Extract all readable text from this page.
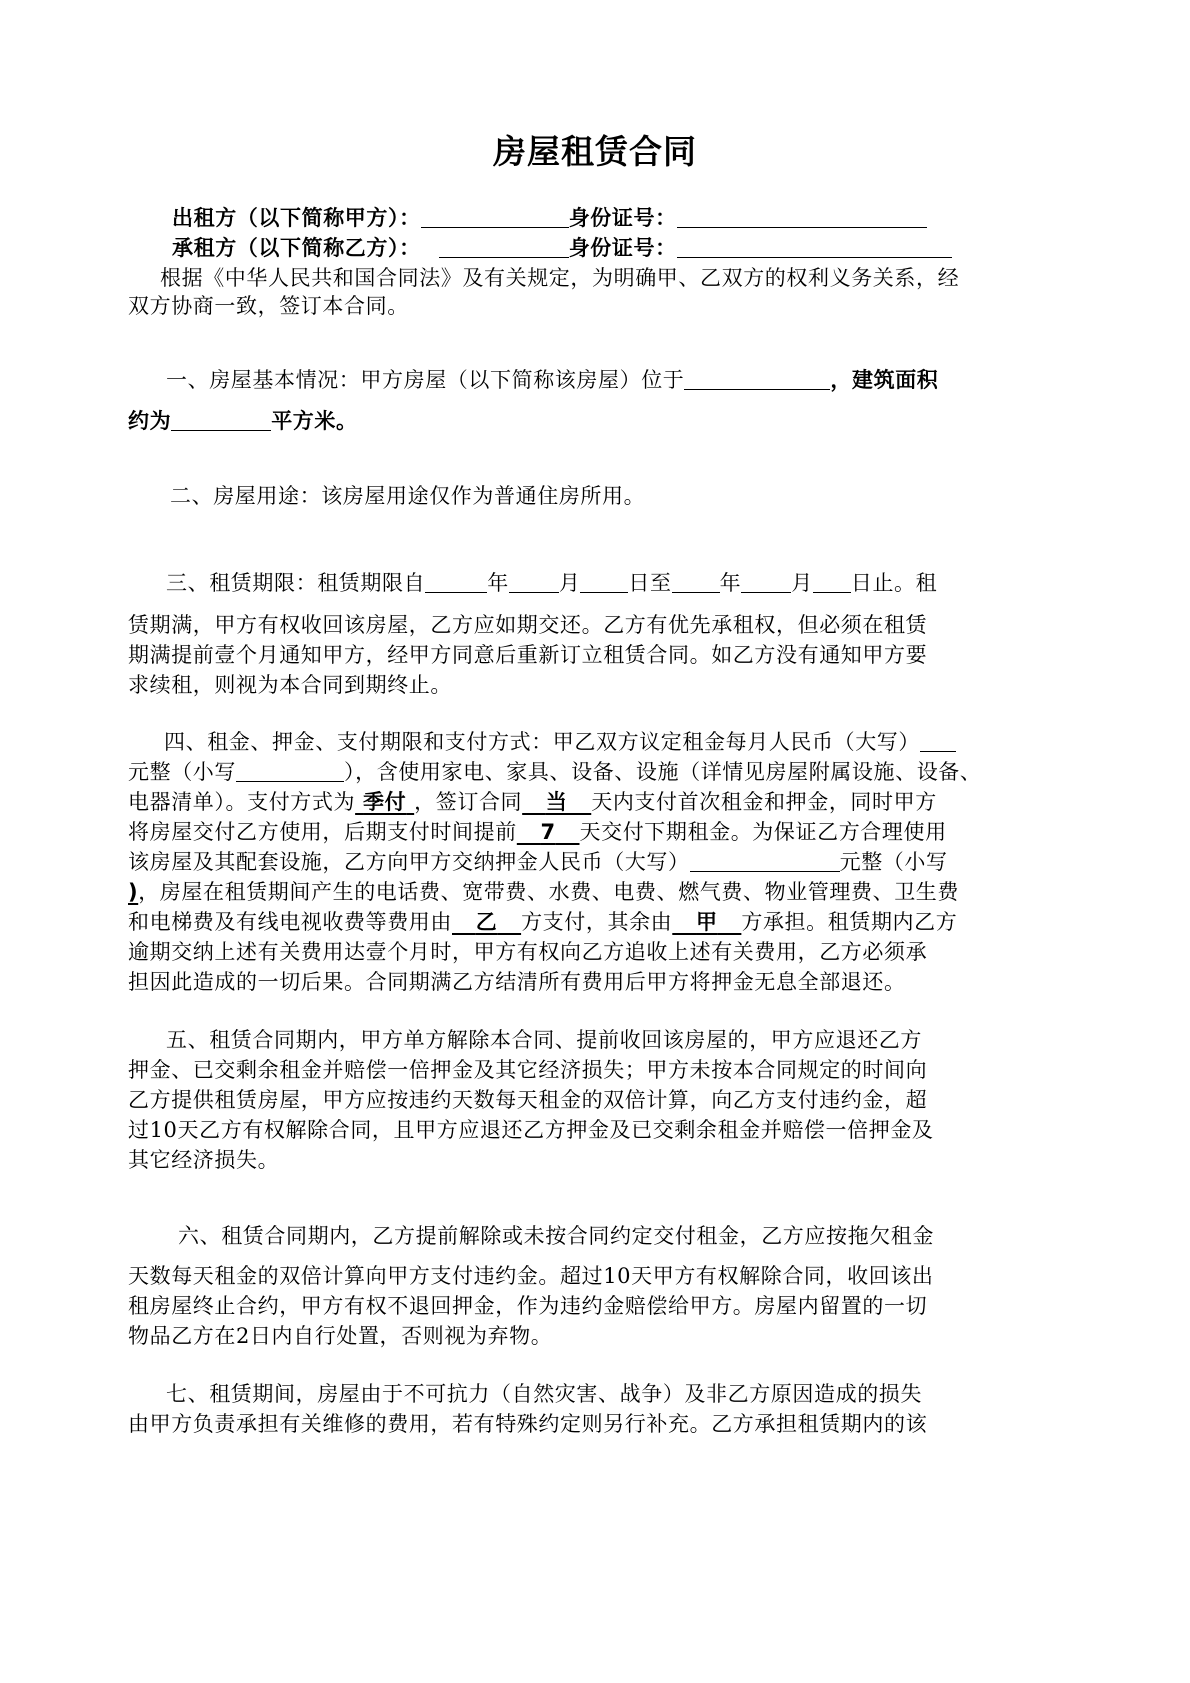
房屋租赁合同
出租方（以下简称甲方）：	身份证号：
承租方（以下简称乙方）：	身份证号：
根据《中华人民共和国合同法》及有关规定，为明确甲、乙双方的权利义务关系，经
双方协商一致，签订本合同。
一、房屋基本情况：甲方房屋（以下简称该房屋）位于	，建筑面积
约为	平方米。
二、房屋用途：该房屋用途仅作为普通住房所用。
三、租赁期限：租赁期限自	年 月 日至 年 月 日止。租
赁期满，甲方有权收回该房屋，乙方应如期交还。乙方有优先承租权，但必须在租赁
期满提前壹个月通知甲方，经甲方同意后重新订立租赁合同。如乙方没有通知甲方要
求续租，则视为本合同到期终止。
四、租金、押金、支付期限和支付方式：甲乙双方议定租金每月人民币（大写）
元整（小写	），含使用家电、家具、设备、设施（详情见房屋附属设施、设备、
电器清单）。支付方式为 季付 ，签订合同 当 天内支付首次租金和押金，同时甲方
将房屋交付乙方使用，后期支付时间提前 7 天交付下期租金。为保证乙方合理使用
该房屋及其配套设施，乙方向甲方交纳押金人民币（大写）	元整（小写
)，房屋在租赁期间产生的电话费、宽带费、水费、电费、燃气费、物业管理费、卫生费
和电梯费及有线电视收费等费用由 乙 方支付，其余由 甲 方承担。租赁期内乙方
逾期交纳上述有关费用达壹个月时，甲方有权向乙方追收上述有关费用，乙方必须承
担因此造成的一切后果。合同期满乙方结清所有费用后甲方将押金无息全部退还。
五、租赁合同期内，甲方单方解除本合同、提前收回该房屋的，甲方应退还乙方
押金、已交剩余租金并赔偿一倍押金及其它经济损失；甲方未按本合同规定的时间向
乙方提供租赁房屋，甲方应按违约天数每天租金的双倍计算，向乙方支付违约金，超
过10天乙方有权解除合同，且甲方应退还乙方押金及已交剩余租金并赔偿一倍押金及
其它经济损失。
六、租赁合同期内，乙方提前解除或未按合同约定交付租金，乙方应按拖欠租金
天数每天租金的双倍计算向甲方支付违约金。超过10天甲方有权解除合同，收回该出
租房屋终止合约，甲方有权不退回押金，作为违约金赔偿给甲方。房屋内留置的一切
物品乙方在2日内自行处置，否则视为弃物。
七、租赁期间，房屋由于不可抗力（自然灾害、战争）及非乙方原因造成的损失
由甲方负责承担有关维修的费用，若有特殊约定则另行补充。乙方承担租赁期内的该
